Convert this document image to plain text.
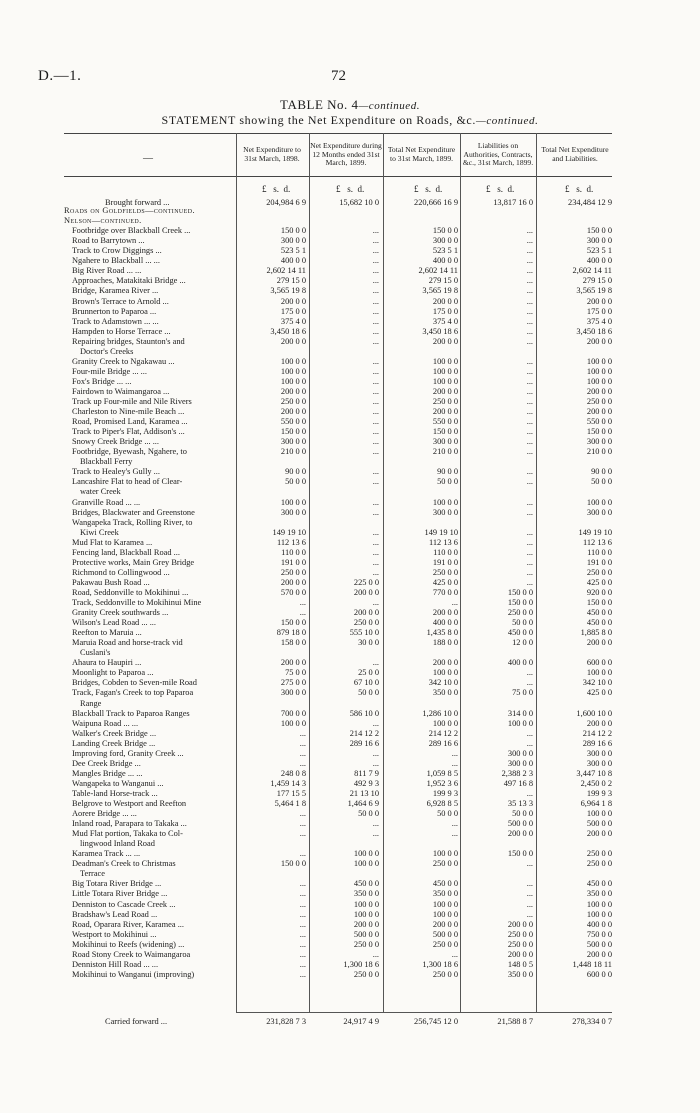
D.—1.	72
TABLE No. 4—continued.
STATEMENT showing the Net Expenditure on Roads, &c.—continued.
—
Net Expenditure to 31st March, 1898.
Net Expenditure during 12 Months ended 31st March, 1899.
Total Net Expenditure to 31st March, 1899.
Liabilities on Authorities, Contracts, &c., 31st March, 1899.
Total Net Expenditure and Liabilities.
£   s.  d.	£   s.  d.	£   s.  d.	£   s.  d.	£   s.  d.
Brought forward ...	204,984 6 9	15,682 10 0	220,666 16 9	13,817 16 0	234,484 12 9
Roads on Goldfields—continued.
Nelson—continued.
Footbridge over Blackball Creek ...	150 0 0	...	150 0 0	...	150 0 0
Road to Barrytown ...	300 0 0	...	300 0 0	...	300 0 0
Track to Crow Diggings ...	523 5 1	...	523 5 1	...	523 5 1
Ngahere to Blackball ... ...	400 0 0	...	400 0 0	...	400 0 0
Big River Road ... ...	2,602 14 11	...	2,602 14 11	...	2,602 14 11
Approaches, Matakitaki Bridge ...	279 15 0	...	279 15 0	...	279 15 0
Bridge, Karamea River ...	3,565 19 8	...	3,565 19 8	...	3,565 19 8
Brown's Terrace to Arnold ...	200 0 0	...	200 0 0	...	200 0 0
Brunnerton to Paparoa ...	175 0 0	...	175 0 0	...	175 0 0
Track to Adamstown ... ...	375 4 0	...	375 4 0	...	375 4 0
Hampden to Horse Terrace ...	3,450 18 6	...	3,450 18 6	...	3,450 18 6
Repairing bridges, Staunton's and	200 0 0	...	200 0 0	...	200 0 0
Doctor's Creeks
Granity Creek to Ngakawau ...	100 0 0	...	100 0 0	...	100 0 0
Four-mile Bridge ... ...	100 0 0	...	100 0 0	...	100 0 0
Fox's Bridge ... ...	100 0 0	...	100 0 0	...	100 0 0
Fairdown to Waimangaroa ...	200 0 0	...	200 0 0	...	200 0 0
Track up Four-mile and Nile Rivers	250 0 0	...	250 0 0	...	250 0 0
Charleston to Nine-mile Beach ...	200 0 0	...	200 0 0	...	200 0 0
Road, Promised Land, Karamea ...	550 0 0	...	550 0 0	...	550 0 0
Track to Piper's Flat, Addison's ...	150 0 0	...	150 0 0	...	150 0 0
Snowy Creek Bridge ... ...	300 0 0	...	300 0 0	...	300 0 0
Footbridge, Byewash, Ngahere, to	210 0 0	...	210 0 0	...	210 0 0
Blackball Ferry
Track to Healey's Gully ...	90 0 0	...	90 0 0	...	90 0 0
Lancashire Flat to head of Clear-	50 0 0	...	50 0 0	...	50 0 0
water Creek
Granville Road ... ...	100 0 0	...	100 0 0	...	100 0 0
Bridges, Blackwater and Greenstone	300 0 0	...	300 0 0	...	300 0 0
Wangapeka Track, Rolling River, to
Kiwi Creek	149 19 10	...	149 19 10	...	149 19 10
Mud Flat to Karamea ...	112 13 6	...	112 13 6	...	112 13 6
Fencing land, Blackball Road ...	110 0 0	...	110 0 0	...	110 0 0
Protective works, Main Grey Bridge	191 0 0	...	191 0 0	...	191 0 0
Richmond to Collingwood ...	250 0 0	...	250 0 0	...	250 0 0
Pakawau Bush Road ...	200 0 0	225 0 0	425 0 0	...	425 0 0
Road, Seddonville to Mokihinui ...	570 0 0	200 0 0	770 0 0	150 0 0	920 0 0
Track, Seddonville to Mokihinui Mine	...	...	...	150 0 0	150 0 0
Granity Creek southwards ...	...	200 0 0	200 0 0	250 0 0	450 0 0
Wilson's Lead Road ... ...	150 0 0	250 0 0	400 0 0	50 0 0	450 0 0
Reefton to Maruia ...	879 18 0	555 10 0	1,435 8 0	450 0 0	1,885 8 0
Maruia Road and horse-track vid	158 0 0	30 0 0	188 0 0	12 0 0	200 0 0
Cuslani's
Ahaura to Haupiri ...	200 0 0	...	200 0 0	400 0 0	600 0 0
Moonlight to Paparoa ...	75 0 0	25 0 0	100 0 0	...	100 0 0
Bridges, Cobden to Seven-mile Road	275 0 0	67 10 0	342 10 0	...	342 10 0
Track, Fagan's Creek to top Paparoa	300 0 0	50 0 0	350 0 0	75 0 0	425 0 0
Range
Blackball Track to Paparoa Ranges	700 0 0	586 10 0	1,286 10 0	314 0 0	1,600 10 0
Waipuna Road ... ...	100 0 0	...	100 0 0	100 0 0	200 0 0
Walker's Creek Bridge ...	...	214 12 2	214 12 2	...	214 12 2
Landing Creek Bridge ...	...	289 16 6	289 16 6	...	289 16 6
Improving ford, Granity Creek ...	...	...	...	300 0 0	300 0 0
Dee Creek Bridge ...	...	...	...	300 0 0	300 0 0
Mangles Bridge ... ...	248 0 8	811 7 9	1,059 8 5	2,388 2 3	3,447 10 8
Wangapeka to Wanganui ...	1,459 14 3	492 9 3	1,952 3 6	497 16 8	2,450 0 2
Table-land Horse-track ...	177 15 5	21 13 10	199 9 3	...	199 9 3
Belgrove to Westport and Reefton	5,464 1 8	1,464 6 9	6,928 8 5	35 13 3	6,964 1 8
Aorere Bridge ... ...	...	50 0 0	50 0 0	50 0 0	100 0 0
Inland road, Parapara to Takaka ...	...	...	...	500 0 0	500 0 0
Mud Flat portion, Takaka to Col-	...	...	...	200 0 0	200 0 0
lingwood Inland Road
Karamea Track ... ...	...	100 0 0	100 0 0	150 0 0	250 0 0
Deadman's Creek to Christmas	150 0 0	100 0 0	250 0 0	...	250 0 0
Terrace
Big Totara River Bridge ...	...	450 0 0	450 0 0	...	450 0 0
Little Totara River Bridge ...	...	350 0 0	350 0 0	...	350 0 0
Denniston to Cascade Creek ...	...	100 0 0	100 0 0	...	100 0 0
Bradshaw's Lead Road ...	...	100 0 0	100 0 0	...	100 0 0
Road, Oparara River, Karamea ...	...	200 0 0	200 0 0	200 0 0	400 0 0
Westport to Mokihinui ...	...	500 0 0	500 0 0	250 0 0	750 0 0
Mokihinui to Reefs (widening) ...	...	250 0 0	250 0 0	250 0 0	500 0 0
Road Stony Creek to Waimangaroa	...	...	...	200 0 0	200 0 0
Denniston Hill Road ... ...	...	1,300 18 6	1,300 18 6	148 0 5	1,448 18 11
Mokihinui to Wanganui (improving)	...	250 0 0	250 0 0	350 0 0	600 0 0
Carried forward ...	231,828 7 3	24,917 4 9	256,745 12 0	21,588 8 7	278,334 0 7
